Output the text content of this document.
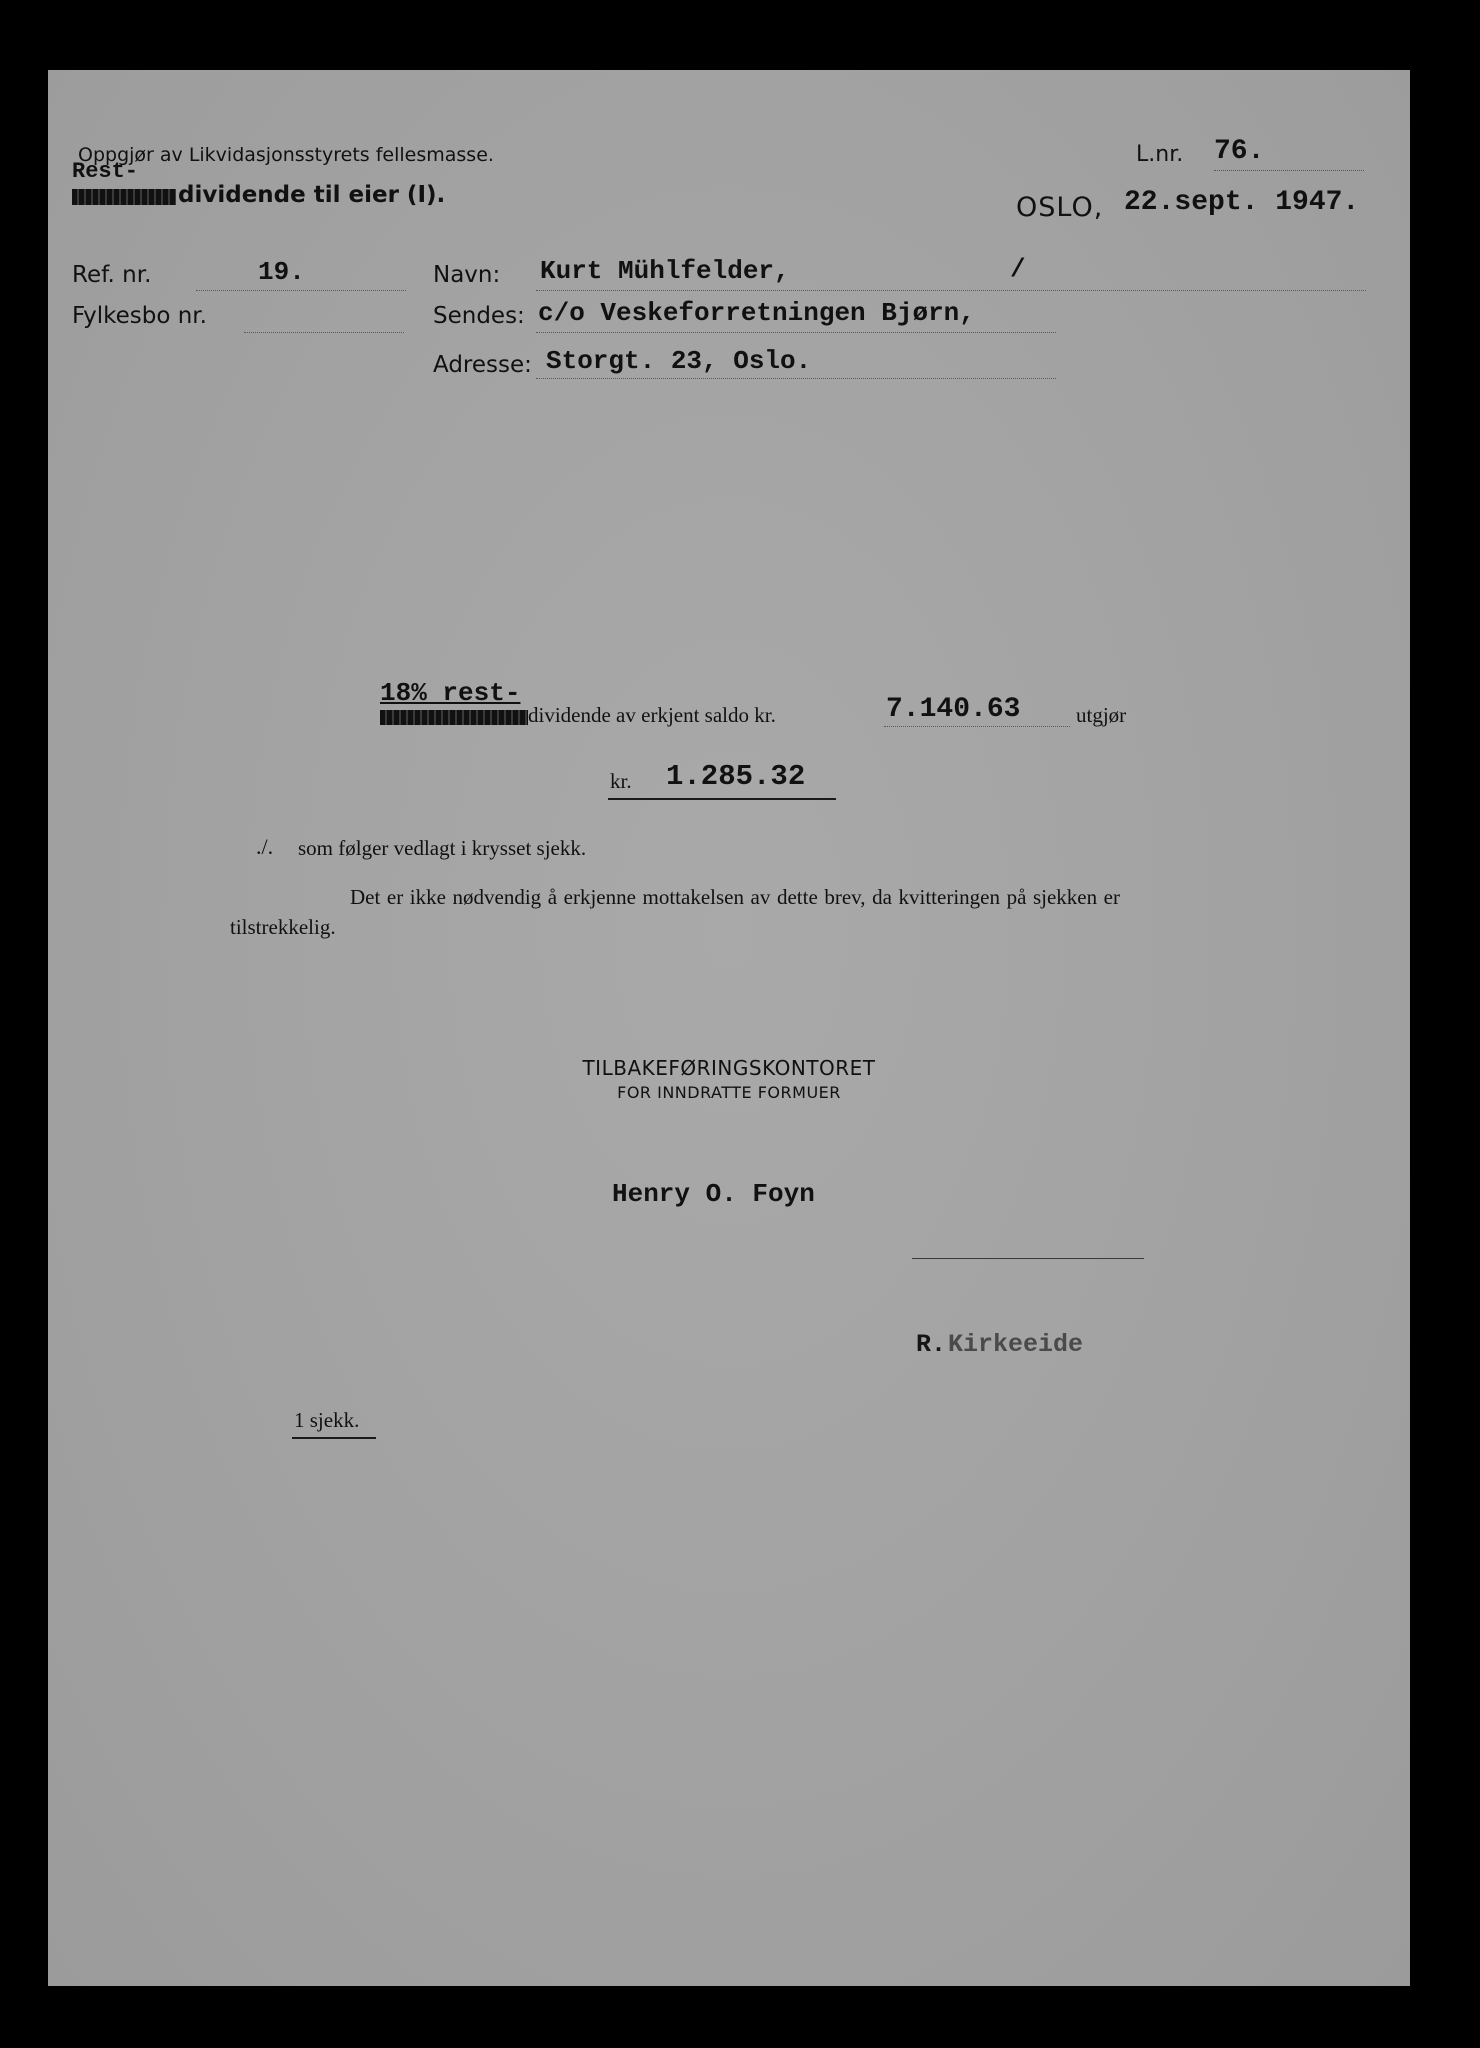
Oppgjør av Likvidasjonsstyrets fellesmasse.
Rest-
dividende til eier (I).
L.nr. 76.
OSLO, 22.sept. 1947.
Ref. nr.	19.
Fylkesbo nr.
Navn: Kurt Mühlfelder,	/
Sendes: c/o Veskeforretningen Bjørn,
Adresse: Storgt. 23, Oslo.
18% rest-
dividende av erkjent saldo kr.	7.140.63	utgjør
kr. 1.285.32
./. som følger vedlagt i krysset sjekk.
Det er ikke nødvendig å erkjenne mottakelsen av dette brev, da kvitteringen på sjekken er tilstrekkelig.
TILBAKEFØRINGSKONTORET
FOR INNDRATTE FORMUER
Henry O. Foyn
R. Kirkeeide
1 sjekk.
